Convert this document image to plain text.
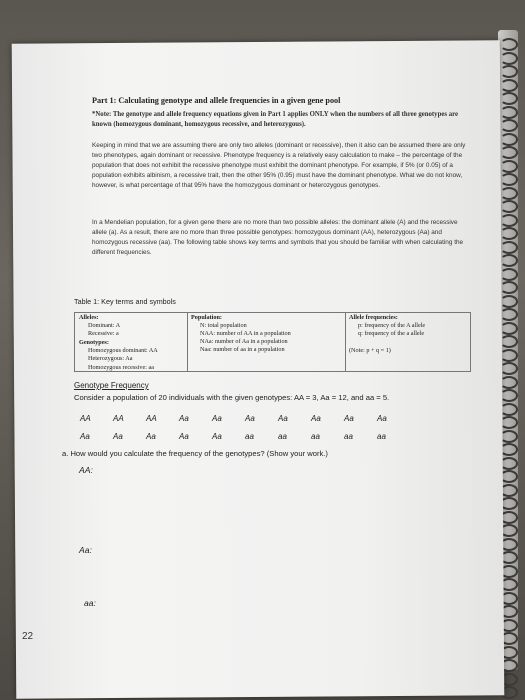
Part 1: Calculating genotype and allele frequencies in a given gene pool
*Note: The genotype and allele frequency equations given in Part 1 applies ONLY when the numbers of all three genotypes are known (homozygous dominant, homozygous recessive, and heterozygous).
Keeping in mind that we are assuming there are only two alleles (dominant or recessive), then it also can be assumed there are only two phenotypes, again dominant or recessive. Phenotype frequency is a relatively easy calculation to make – the percentage of the population that does not exhibit the recessive phenotype must exhibit the dominant phenotype. For example, if 5% (or 0.05) of a population exhibits albinism, a recessive trait, then the other 95% (0.95) must have the dominant phenotype. What we do not know, however, is what percentage of that 95% have the homozygous dominant or heterozygous genotypes.
In a Mendelian population, for a given gene there are no more than two possible alleles: the dominant allele (A) and the recessive allele (a). As a result, there are no more than three possible genotypes: homozygous dominant (AA), heterozygous (Aa) and homozygous recessive (aa). The following table shows key terms and symbols that you should be familiar with when calculating the different frequencies.
Table 1: Key terms and symbols
Alleles:
Dominant: A
Recessive: a
Genotypes:
Homozygous dominant: AA
Heterozygous: Aa
Homozygous recessive: aa
Population:
N: total population
NAA: number of AA in a population
NAa: number of Aa in a population
Naa: number of aa in a population
Allele frequencies:
p: frequency of the A allele
q: frequency of the a allele
(Note: p + q = 1)
Genotype Frequency
Consider a population of 20 individuals with the given genotypes: AA = 3, Aa = 12, and aa = 5.
AA	AA	AA	Aa	Aa	Aa	Aa	Aa	Aa	Aa
Aa	Aa	Aa	Aa	Aa	aa	aa	aa	aa	aa
a. How would you calculate the frequency of the genotypes? (Show your work.)
AA:
Aa:
aa:
22
